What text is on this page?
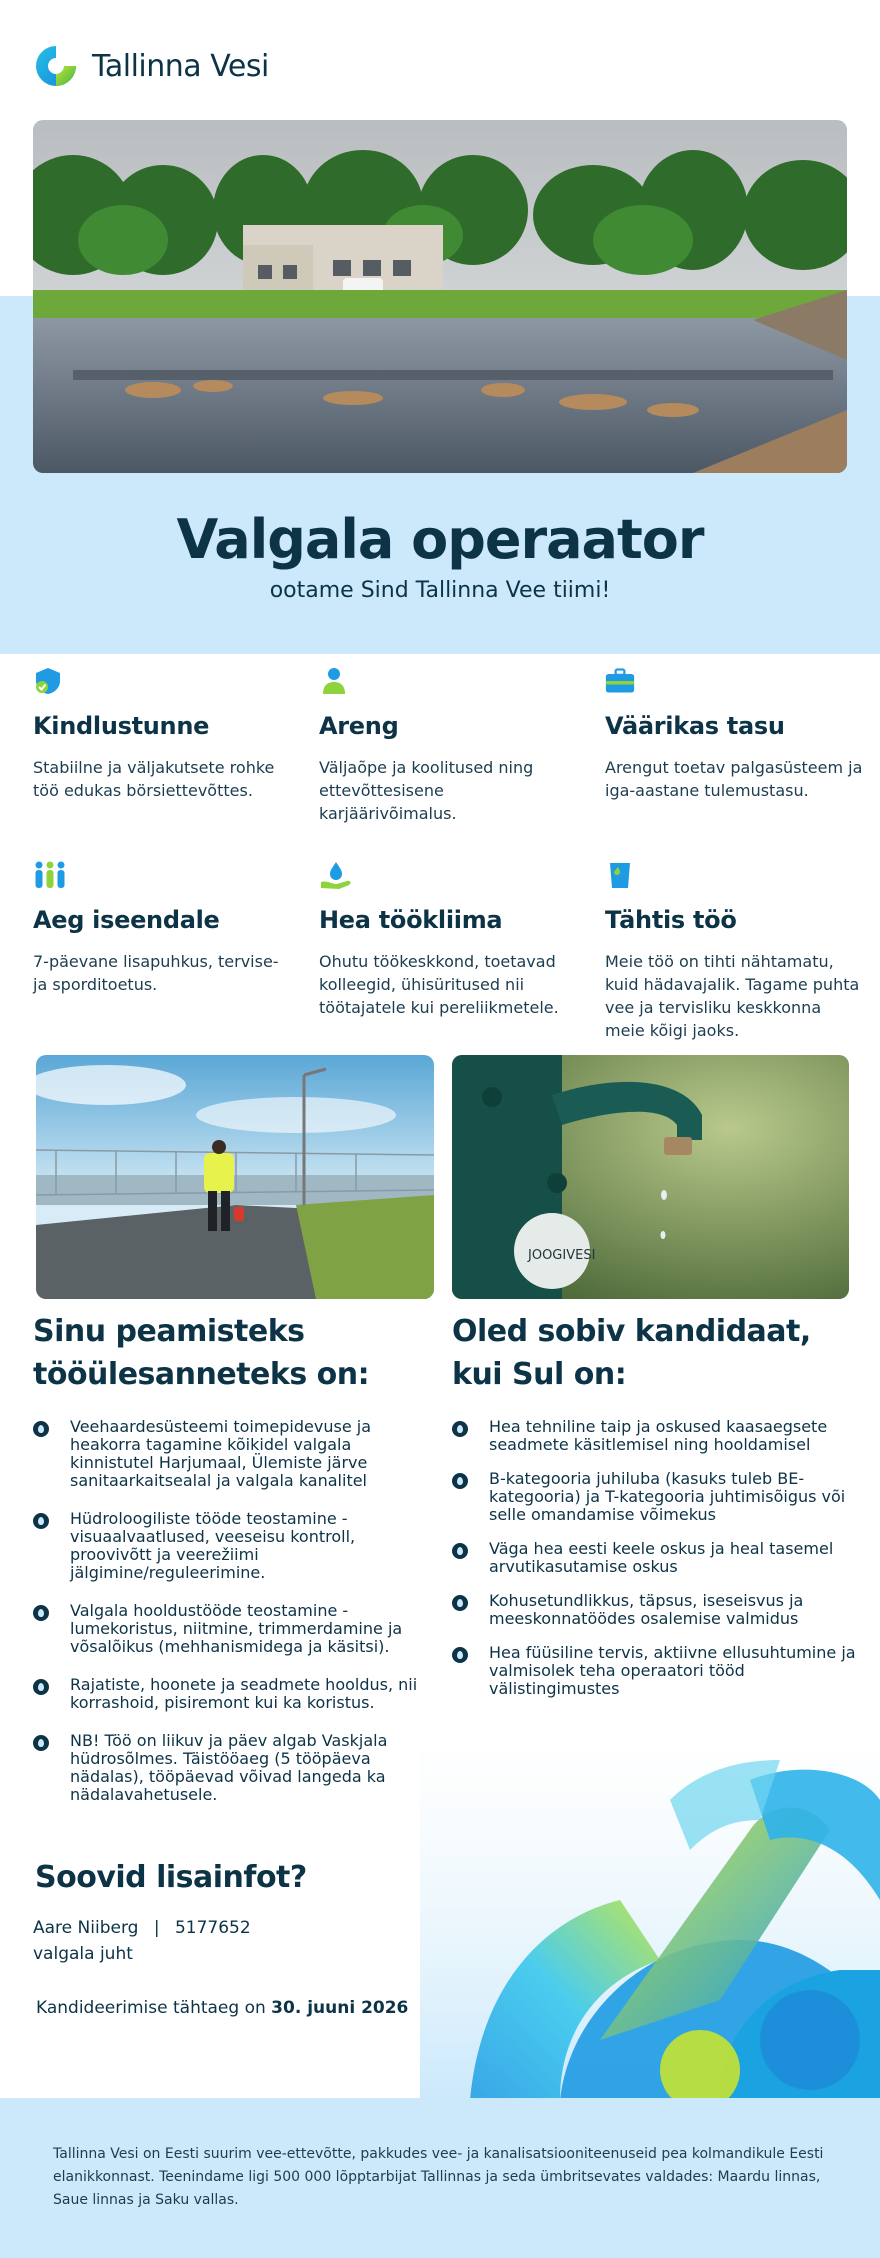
Tallinna Vesi
Valgala operaator

ootame Sind Tallinna Vee tiimi!

Kindlustunne

Stabiilne ja väljakutsete rohke töö edukas börsiettevõttes.

Areng

Väljaõpe ja koolitused ning ettevõttesisene karjäärivõimalus.

Väärikas tasu

Arengut toetav palgasüsteem ja iga-aastane tulemustasu.

Aeg iseendale

7-päevane lisapuhkus, tervise- ja sporditoetus.

Hea töökliima

Ohutu töökeskkond, toetavad kolleegid, ühisüritused nii töötajatele kui pereliikmetele.

Tähtis töö

Meie töö on tihti nähtamatu, kuid hädavajalik. Tagame puhta vee ja tervisliku keskkonna meie kõigi jaoks.

JOOGIVESI
Sinu peamisteks
tööülesanneteks on:
Veehaardesüsteemi toimepidevuse ja heakorra tagamine kõikidel valgala kinnistutel Harjumaal, Ülemiste järve sanitaarkaitsealal ja valgala kanalitel
Hüdroloogiliste tööde teostamine - visuaalvaatlused, veeseisu kontroll, proovivõtt ja veerežiimi jälgimine/reguleerimine.
Valgala hooldustööde teostamine - lumekoristus, niitmine, trimmerdamine ja võsalõikus (mehhanismidega ja käsitsi).
Rajatiste, hoonete ja seadmete hooldus, nii korrashoid, pisiremont kui ka koristus.
NB! Töö on liikuv ja päev algab Vaskjala hüdrosõlmes. Täistööaeg (5 tööpäeva nädalas), tööpäevad võivad langeda ka nädalavahetusele.
Oled sobiv kandidaat,
kui Sul on:
Hea tehniline taip ja oskused kaasaegsete seadmete käsitlemisel ning hooldamisel
B-kategooria juhiluba (kasuks tuleb BE-kategooria) ja T-kategooria juhtimisõigus või selle omandamise võimekus
Väga hea eesti keele oskus ja heal tasemel arvutikasutamise oskus
Kohusetundlikkus, täpsus, iseseisvus ja meeskonnatöödes osalemise valmidus
Hea füüsiline tervis, aktiivne ellusuhtumine ja valmisolek teha operaatori tööd välistingimustes
Soovid lisainfot?

Aare Niiberg | 5177652

valgala juht

Kandideerimise tähtaeg on 30. juuni 2026

Tallinna Vesi on Eesti suurim vee-ettevõtte, pakkudes vee- ja kanalisatsiooniteenuseid pea kolmandikule Eesti elanikkonnast. Teenindame ligi 500 000 lõpptarbijat Tallinnas ja seda ümbritsevates valdades: Maardu linnas, Saue linnas ja Saku vallas.
